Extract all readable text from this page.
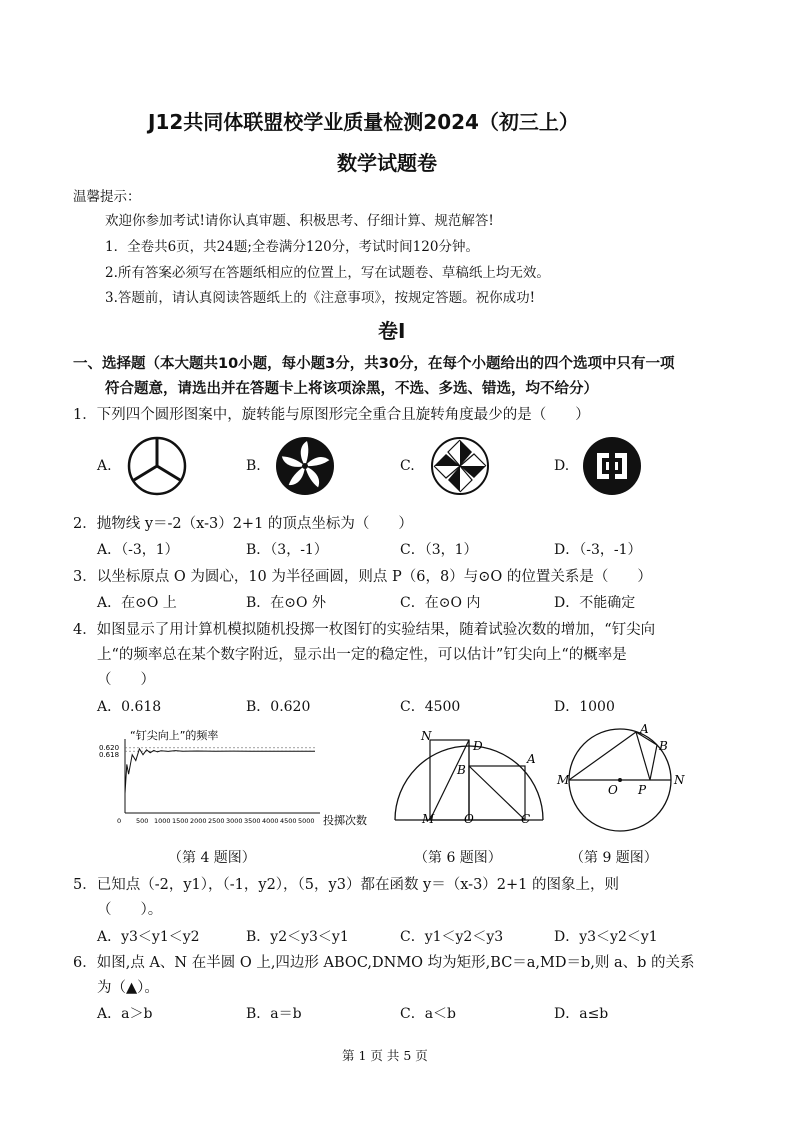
J12共同体联盟校学业质量检测2024（初三上）
数学试题卷
温馨提示：
欢迎你参加考试!请你认真审题、积极思考、仔细计算、规范解答!
1．全卷共6页，共24题;全卷满分120分，考试时间120分钟。
2.所有答案必须写在答题纸相应的位置上，写在试题卷、草稿纸上均无效。
3.答题前，请认真阅读答题纸上的《注意事项》，按规定答题。祝你成功!
卷Ⅰ
一、选择题（本大题共10小题，每小题3分，共30分，在每个小题给出的四个选项中只有一项
符合题意，请选出并在答题卡上将该项涂黑，不选、多选、错选，均不给分）
1．下列四个圆形图案中，旋转能与原图形完全重合且旋转角度最少的是（　　）
A.	B.	C.	D.
2．抛物线 y＝-2（x-3）2+1 的顶点坐标为（　　）
A．（-3，1）	B．（3，-1）	C．（3，1）	D．（-3，-1）
3．以坐标原点 O 为圆心，10 为半径画圆，则点 P（6，8）与⊙O 的位置关系是（　　）
A．在⊙O 上	B．在⊙O 外	C．在⊙O 内	D．不能确定
4．如图显示了用计算机模拟随机投掷一枚图钉的实验结果，随着试验次数的增加，“钉尖向
上“的频率总在某个数字附近，显示出一定的稳定性，可以估计”钉尖向上“的概率是
（　　）
A．0.618	B．0.620	C．4500	D．1000
“钉尖向上”的频率
0 500 1000 1500 2000 2500 3000 3500 4000 4500 5000
0.618
0.620
投掷次数
N
D
A
B
M O	C
A
B
M
O P
N
（第 4 题图）	（第 6 题图）	（第 9 题图）
5．已知点（-2，y1），（-1，y2），（5，y3）都在函数 y＝（x-3）2+1 的图象上，则
（　　）。
A．y3＜y1＜y2	B．y2＜y3＜y1	C．y1＜y2＜y3	D．y3＜y2＜y1
6．如图,点 A、N 在半圆 O 上,四边形 ABOC,DNMO 均为矩形,BC＝a,MD＝b,则 a、b 的关系
为（▲）。
A．a＞b	B．a＝b	C．a＜b	D．a≤b
第 1 页 共 5 页
